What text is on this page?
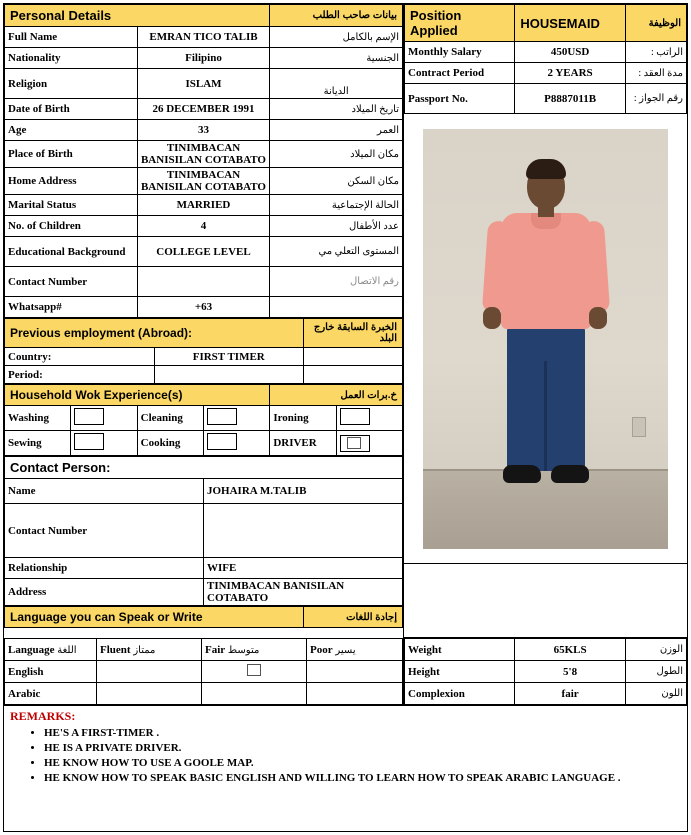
Personal Details		بيانات صاحب الطلب
Full Name	EMRAN TICO TALIB	الإسم بالكامل
Nationality	Filipino	الجنسية
Religion	ISLAM	الديانة
Date of Birth	26 DECEMBER 1991	تاريخ الميلاد
Age	33	العمر
Place of Birth	TINIMBACAN BANISILAN COTABATO	مكان الميلاد
Home Address	TINIMBACAN BANISILAN COTABATO	مكان السكن
Marital Status	MARRIED	الحالة الإجتماعية
No. of Children	4	عدد الأطفال
Educational Background	COLLEGE LEVEL	المستوى التعلي مي
Contact Number		رقم الاتصال
Whatsapp#	+63	
Previous employment (Abroad):		الخبرة السابقة خارج البلد
Country:	FIRST TIMER	
Period:		
Household Wok Experience(s)				خ.برات العمل	
Washing		Cleaning		Ironing	
Sewing		Cooking		DRIVER	
Contact Person:	
Name	JOHAIRA M.TALIB
Contact Number	
Relationship	WIFE
Address	TINIMBACAN BANISILAN COTABATO
Language you can Speak or Write	إجادة اللغات
Position Applied	HOUSEMAID	الوظيفة
Monthly Salary	450USD	الراتب :
Contract Period	2 YEARS	مدة العقد :
Passport No.	P8887011B	رقم الجواز :
Language اللغة	Fluent ممتاز	Fair متوسط	Poor يسير
English			
Arabic			
Weight	65KLS	الوزن
Height	5'8	الطول
Complexion	fair	اللون
REMARKS:
• HE'S A FIRST-TIMER .
• HE IS A PRIVATE DRIVER.
• HE KNOW HOW TO USE A GOOLE MAP.
• HE KNOW HOW TO SPEAK BASIC ENGLISH AND WILLING TO LEARN HOW TO SPEAK ARABIC LANGUAGE .
